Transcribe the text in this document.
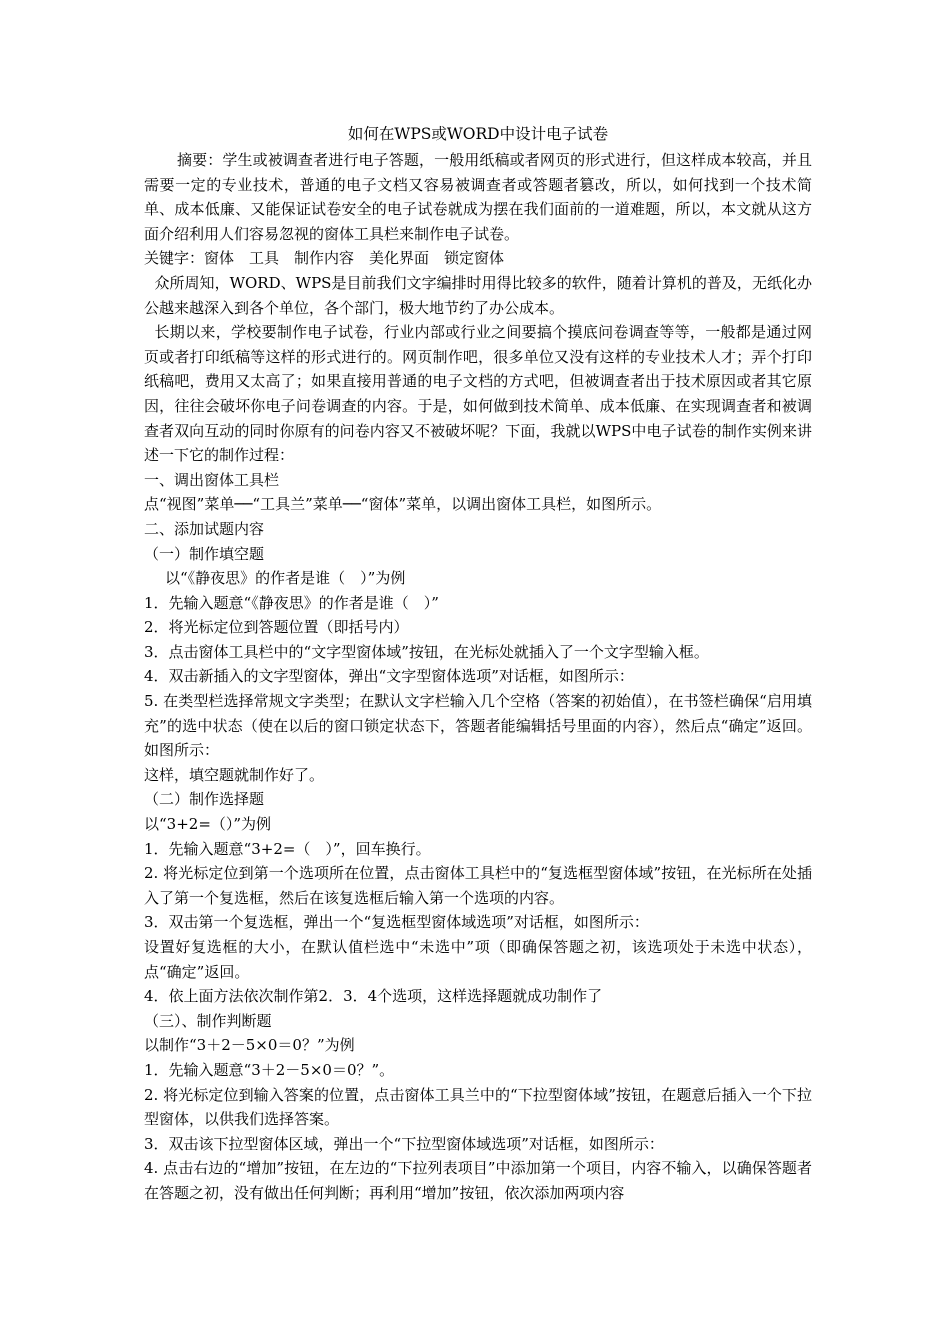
如何在WPS或WORD中设计电子试卷

摘要：学生或被调查者进行电子答题，一般用纸稿或者网页的形式进行，但这样成本较高，并且需要一定的专业技术，普通的电子文档又容易被调查者或答题者篡改，所以，如何找到一个技术简单、成本低廉、又能保证试卷安全的电子试卷就成为摆在我们面前的一道难题，所以，本文就从这方面介绍利用人们容易忽视的窗体工具栏来制作电子试卷。

关键字：窗体　工具　制作内容　美化界面　锁定窗体

众所周知，WORD、WPS是目前我们文字编排时用得比较多的软件，随着计算机的普及，无纸化办公越来越深入到各个单位，各个部门，极大地节约了办公成本。

长期以来，学校要制作电子试卷，行业内部或行业之间要搞个摸底问卷调查等等，一般都是通过网页或者打印纸稿等这样的形式进行的。网页制作吧，很多单位又没有这样的专业技术人才；弄个打印纸稿吧，费用又太高了；如果直接用普通的电子文档的方式吧，但被调查者出于技术原因或者其它原因，往往会破坏你电子问卷调查的内容。于是，如何做到技术简单、成本低廉、在实现调查者和被调查者双向互动的同时你原有的问卷内容又不被破坏呢？下面，我就以WPS中电子试卷的制作实例来讲述一下它的制作过程：

一、调出窗体工具栏

点“视图”菜单──“工具兰”菜单──“窗体”菜单，以调出窗体工具栏，如图所示。

二、添加试题内容

（一）制作填空题

以“《静夜思》的作者是谁（　）”为例

1．先输入题意“《静夜思》的作者是谁（　）”

2．将光标定位到答题位置（即括号内）

3．点击窗体工具栏中的“文字型窗体域”按钮，在光标处就插入了一个文字型输入框。

4．双击新插入的文字型窗体，弹出“文字型窗体选项”对话框，如图所示：

5. 在类型栏选择常规文字类型；在默认文字栏输入几个空格（答案的初始值），在书签栏确保“启用填充”的选中状态（使在以后的窗口锁定状态下，答题者能编辑括号里面的内容），然后点“确定”返回。如图所示：

这样，填空题就制作好了。

（二）制作选择题

以“3+2=（）”为例

1．先输入题意“3+2=（　）”，回车换行。

2. 将光标定位到第一个选项所在位置，点击窗体工具栏中的“复选框型窗体域”按钮，在光标所在处插入了第一个复选框，然后在该复选框后输入第一个选项的内容。

3．双击第一个复选框，弹出一个“复选框型窗体域选项”对话框，如图所示：

设置好复选框的大小，在默认值栏选中“未选中”项（即确保答题之初，该选项处于未选中状态），点“确定”返回。

4．依上面方法依次制作第2．3．4个选项，这样选择题就成功制作了

（三）、制作判断题

以制作“3＋2－5×0＝0？”为例

1．先输入题意“3＋2－5×0＝0？”。

2. 将光标定位到输入答案的位置，点击窗体工具兰中的“下拉型窗体域”按钮，在题意后插入一个下拉型窗体，以供我们选择答案。

3．双击该下拉型窗体区域，弹出一个“下拉型窗体域选项”对话框，如图所示：

4. 点击右边的“增加”按钮，在左边的“下拉列表项目”中添加第一个项目，内容不输入，以确保答题者在答题之初，没有做出任何判断；再利用“增加”按钮，依次添加两项内容
